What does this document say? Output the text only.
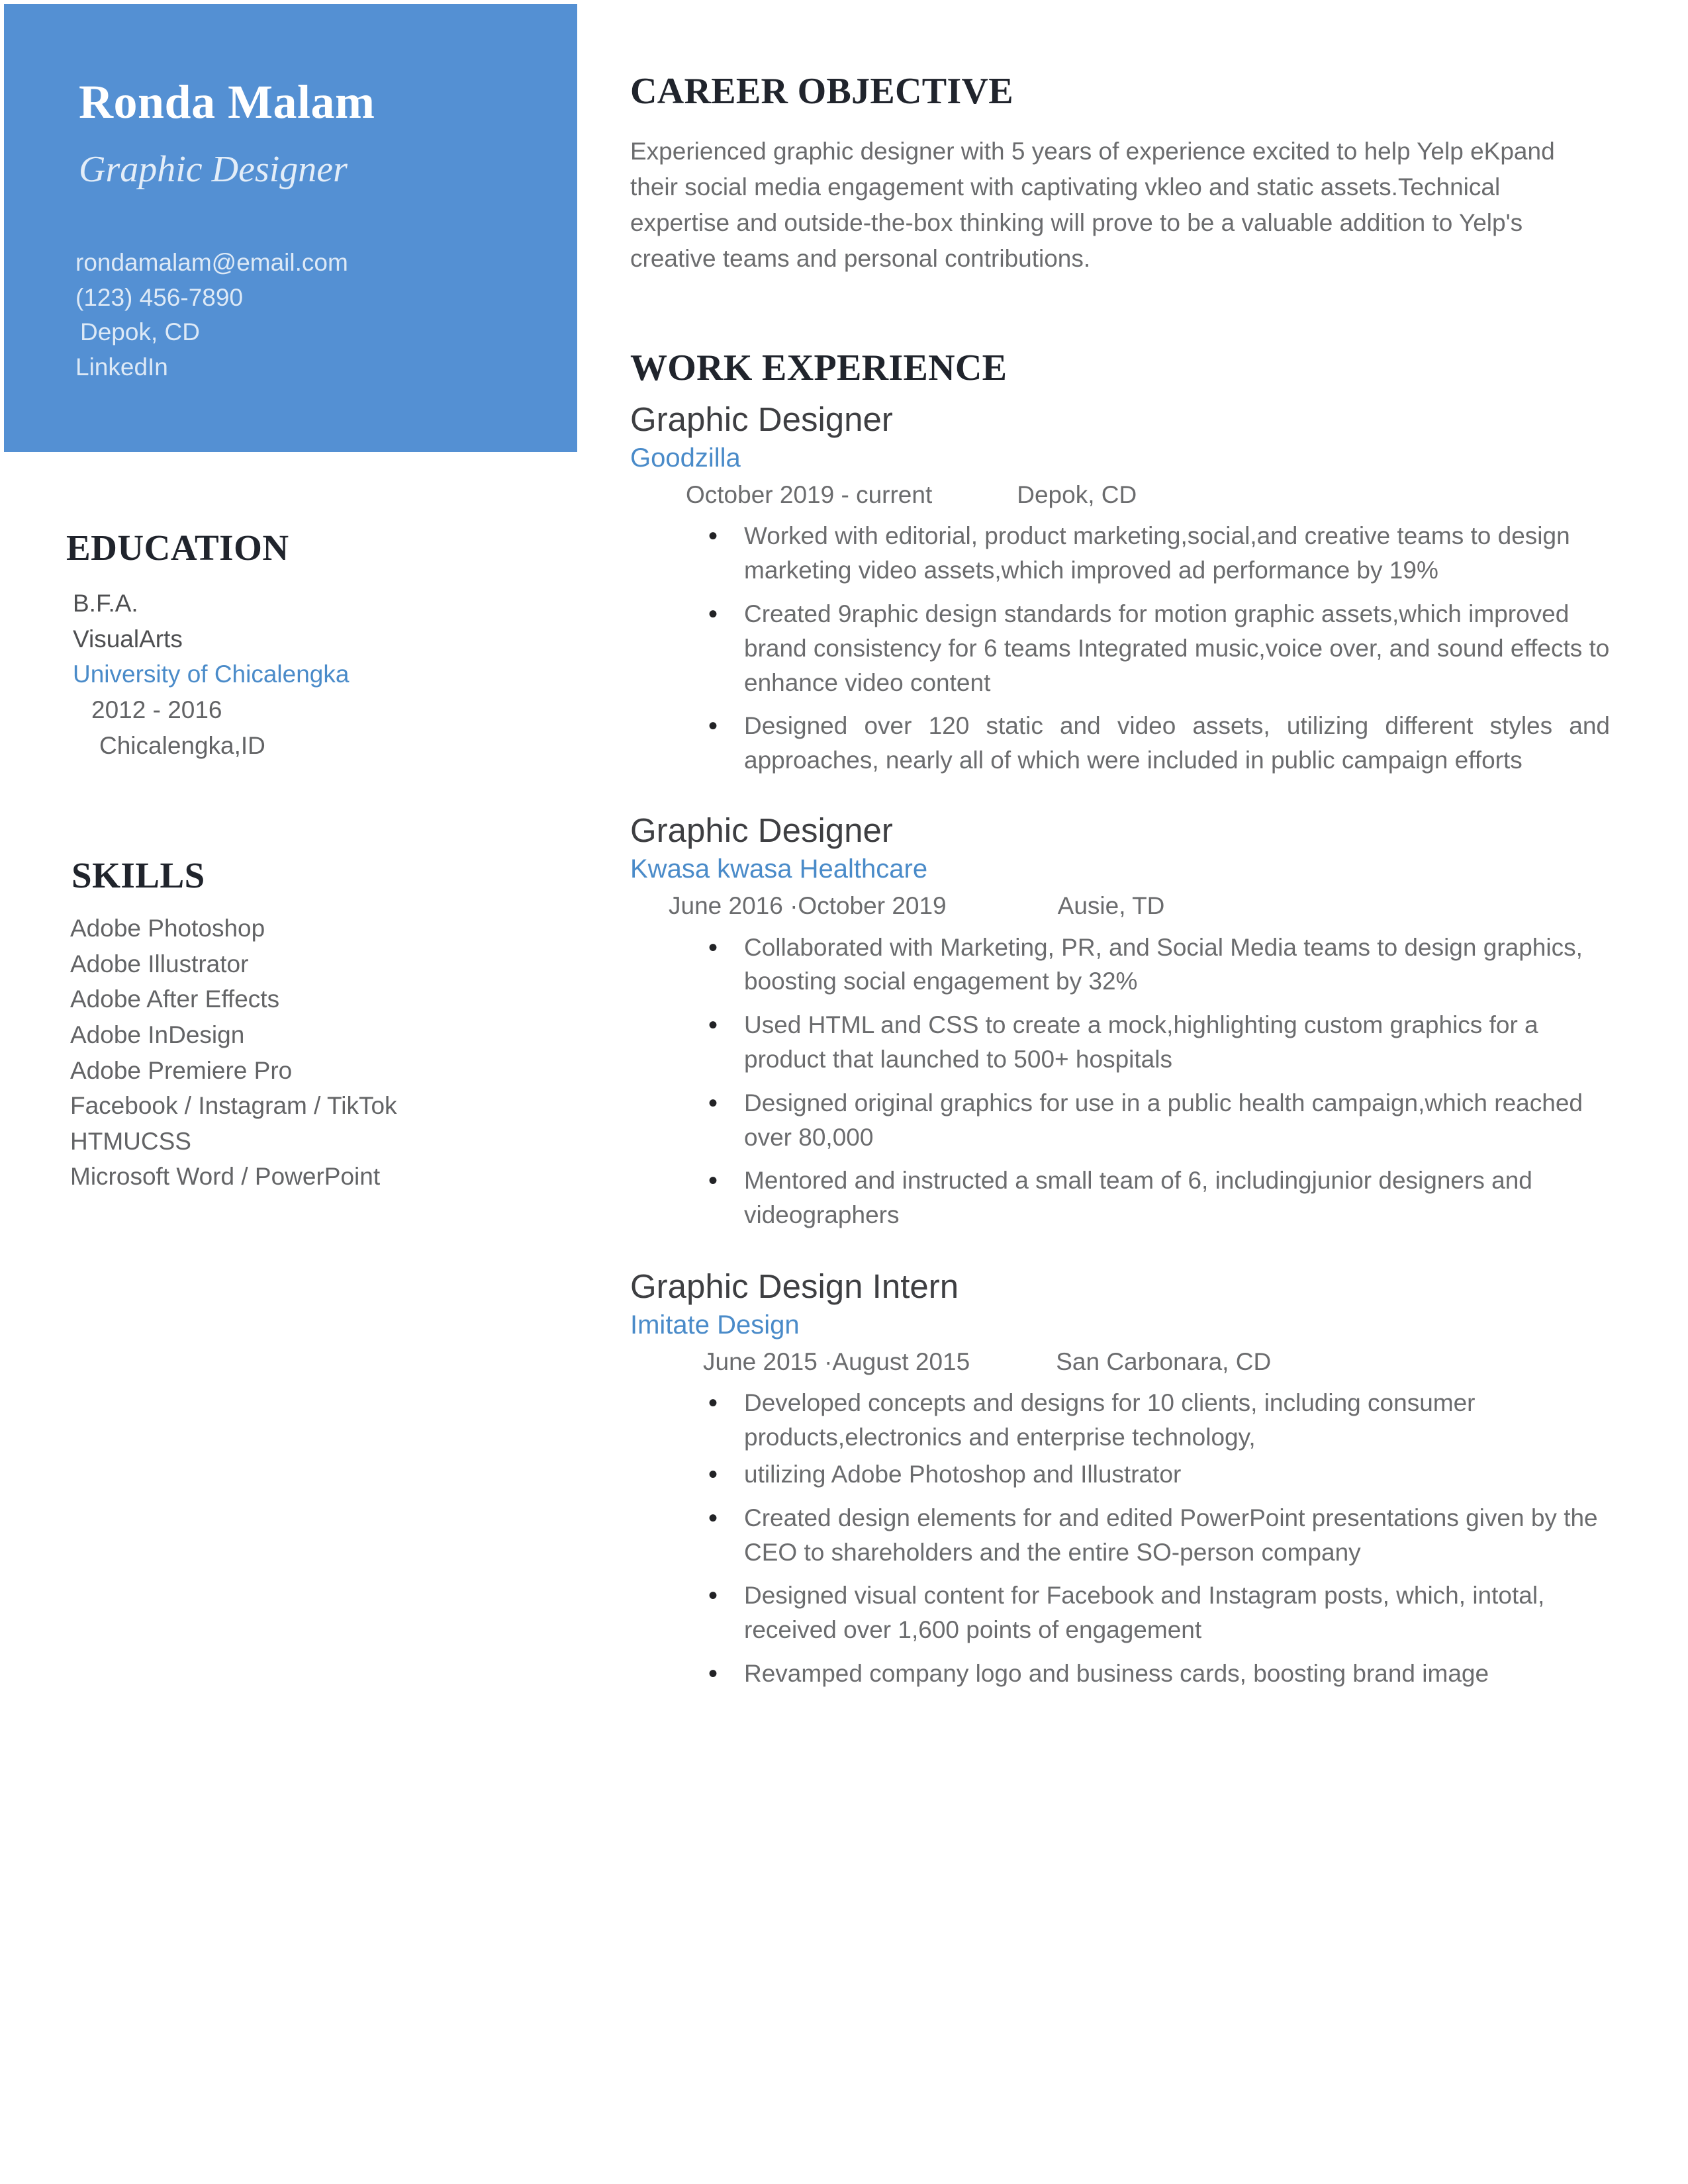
Ronda Malam
Graphic Designer
rondamalam@email.com
(123) 456-7890
Depok, CD
LinkedIn
EDUCATION
B.F.A.
VisualArts
University of Chicalengka
2012 - 2016
Chicalengka,ID
SKILLS
Adobe Photoshop
Adobe Illustrator
Adobe After Effects
Adobe InDesign
Adobe Premiere Pro
Facebook / Instagram / TikTok
HTMUCSS
Microsoft Word / PowerPoint
CAREER OBJECTIVE
Experienced graphic designer with 5 years of experience excited to help Yelp eKpand their social media engagement with captivating vkleo and static assets.Technical expertise and outside-the-box thinking will prove to be a valuable addition to Yelp's creative teams and personal contributions.
WORK EXPERIENCE
Graphic Designer
Goodzilla
October 2019 - current	Depok, CD
• Worked with editorial, product marketing,social,and creative teams to design marketing video assets,which improved ad performance by 19%
• Created 9raphic design standards for motion graphic assets,which improved brand consistency for 6 teams Integrated music,voice over, and sound effects to enhance video content
• Designed over 120 static and video assets, utilizing different styles and approaches, nearly all of which were included in public campaign efforts
Graphic Designer
Kwasa kwasa Healthcare
June 2016 ·October 2019	Ausie, TD
• Collaborated with Marketing, PR, and Social Media teams to design graphics, boosting social engagement by 32%
• Used HTML and CSS to create a mock,highlighting custom graphics for a product that launched to 500+ hospitals
• Designed original graphics for use in a public health campaign,which reached over 80,000
• Mentored and instructed a small team of 6, includingjunior designers and videographers
Graphic Design Intern
Imitate Design
June 2015 ·August 2015	San Carbonara, CD
• Developed concepts and designs for 10 clients, including consumer products,electronics and enterprise technology,
• utilizing Adobe Photoshop and Illustrator
• Created design elements for and edited PowerPoint presentations given by the CEO to shareholders and the entire SO-person company
• Designed visual content for Facebook and Instagram posts, which, intotal, received over 1,600 points of engagement
• Revamped company logo and business cards, boosting brand image
